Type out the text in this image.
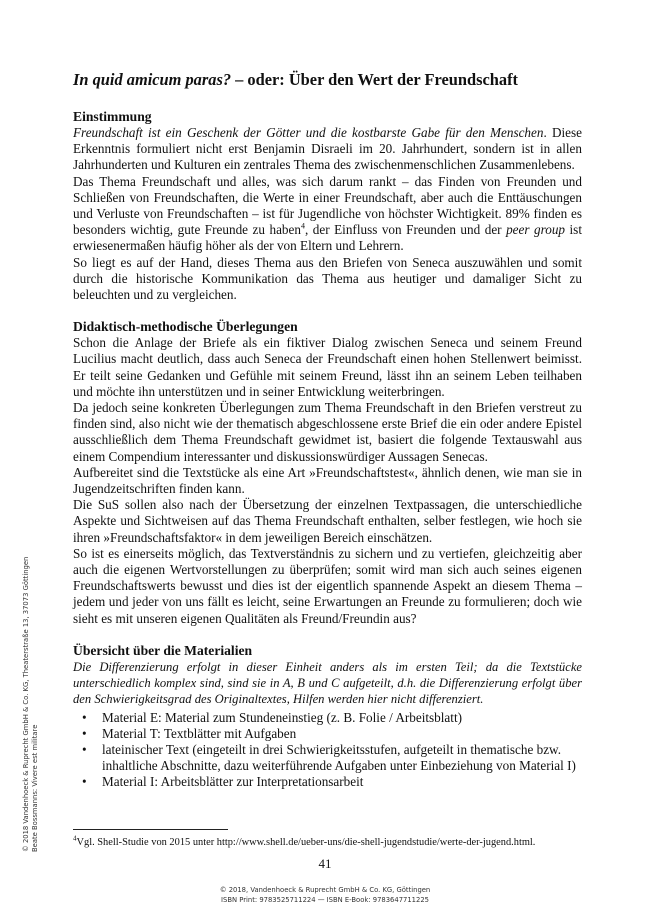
In quid amicum paras? – oder: Über den Wert der Freundschaft
Einstimmung

Freundschaft ist ein Geschenk der Götter und die kostbarste Gabe für den Menschen. Diese Erkenntnis formuliert nicht erst Benjamin Disraeli im 20. Jahrhundert, sondern ist in allen Jahrhunderten und Kulturen ein zentrales Thema des zwischenmenschlichen Zusammenlebens.

Das Thema Freundschaft und alles, was sich darum rankt – das Finden von Freunden und Schließen von Freundschaften, die Werte in einer Freundschaft, aber auch die Enttäuschungen und Verluste von Freundschaften – ist für Jugendliche von höchster Wichtigkeit. 89% finden es besonders wichtig, gute Freunde zu haben$^4$, der Einfluss von Freunden und der peer group ist erwiesenermaßen häufig höher als der von Eltern und Lehrern.

So liegt es auf der Hand, dieses Thema aus den Briefen von Seneca auszuwählen und somit durch die historische Kommunikation das Thema aus heutiger und damaliger Sicht zu beleuchten und zu vergleichen.

Didaktisch-methodische Überlegungen

Schon die Anlage der Briefe als ein fiktiver Dialog zwischen Seneca und seinem Freund Lucilius macht deutlich, dass auch Seneca der Freundschaft einen hohen Stellenwert beimisst. Er teilt seine Gedanken und Gefühle mit seinem Freund, lässt ihn an seinem Leben teilhaben und möchte ihn unterstützen und in seiner Entwicklung weiterbringen.

Da jedoch seine konkreten Überlegungen zum Thema Freundschaft in den Briefen verstreut zu finden sind, also nicht wie der thematisch abgeschlossene erste Brief die ein oder andere Epistel ausschließlich dem Thema Freundschaft gewidmet ist, basiert die folgende Textauswahl aus einem Compendium interessanter und diskussionswürdiger Aussagen Senecas.

Aufbereitet sind die Textstücke als eine Art »Freundschaftstest«, ähnlich denen, wie man sie in Jugendzeitschriften finden kann.

Die SuS sollen also nach der Übersetzung der einzelnen Textpassagen, die unterschiedliche Aspekte und Sichtweisen auf das Thema Freundschaft enthalten, selber festlegen, wie hoch sie ihren »Freundschaftsfaktor« in dem jeweiligen Bereich einschätzen.

So ist es einerseits möglich, das Textverständnis zu sichern und zu vertiefen, gleichzeitig aber auch die eigenen Wertvorstellungen zu überprüfen; somit wird man sich auch seines eigenen Freundschaftswerts bewusst und dies ist der eigentlich spannende Aspekt an diesem Thema – jedem und jeder von uns fällt es leicht, seine Erwartungen an Freunde zu formulieren; doch wie sieht es mit unseren eigenen Qualitäten als Freund/Freundin aus?

Übersicht über die Materialien

Die Differenzierung erfolgt in dieser Einheit anders als im ersten Teil; da die Textstücke unterschiedlich komplex sind, sind sie in A, B und C aufgeteilt, d.h. die Differenzierung erfolgt über den Schwierigkeitsgrad des Originaltextes, Hilfen werden hier nicht differenziert.

• Material E: Material zum Stundeneinstieg (z. B. Folie / Arbeitsblatt)
• Material T: Textblätter mit Aufgaben
• lateinischer Text (eingeteilt in drei Schwierigkeitsstufen, aufgeteilt in thematische bzw. inhaltliche Abschnitte, dazu weiterführende Aufgaben unter Einbeziehung von Material I)
• Material I: Arbeitsblätter zur Interpretationsarbeit
$^4$Vgl. Shell-Studie von 2015 unter http://www.shell.de/ueber-uns/die-shell-jugendstudie/werte-der-jugend.html.
41
© 2018, Vandenhoeck & Ruprecht GmbH & Co. KG, Göttingen
ISBN Print: 9783525711224 — ISBN E-Book: 9783647711225
© 2018 Vandenhoeck & Ruprecht GmbH & Co. KG, Theaterstraße 13, 37073 Göttingen Beate Bossmanns: Vivere est militare
